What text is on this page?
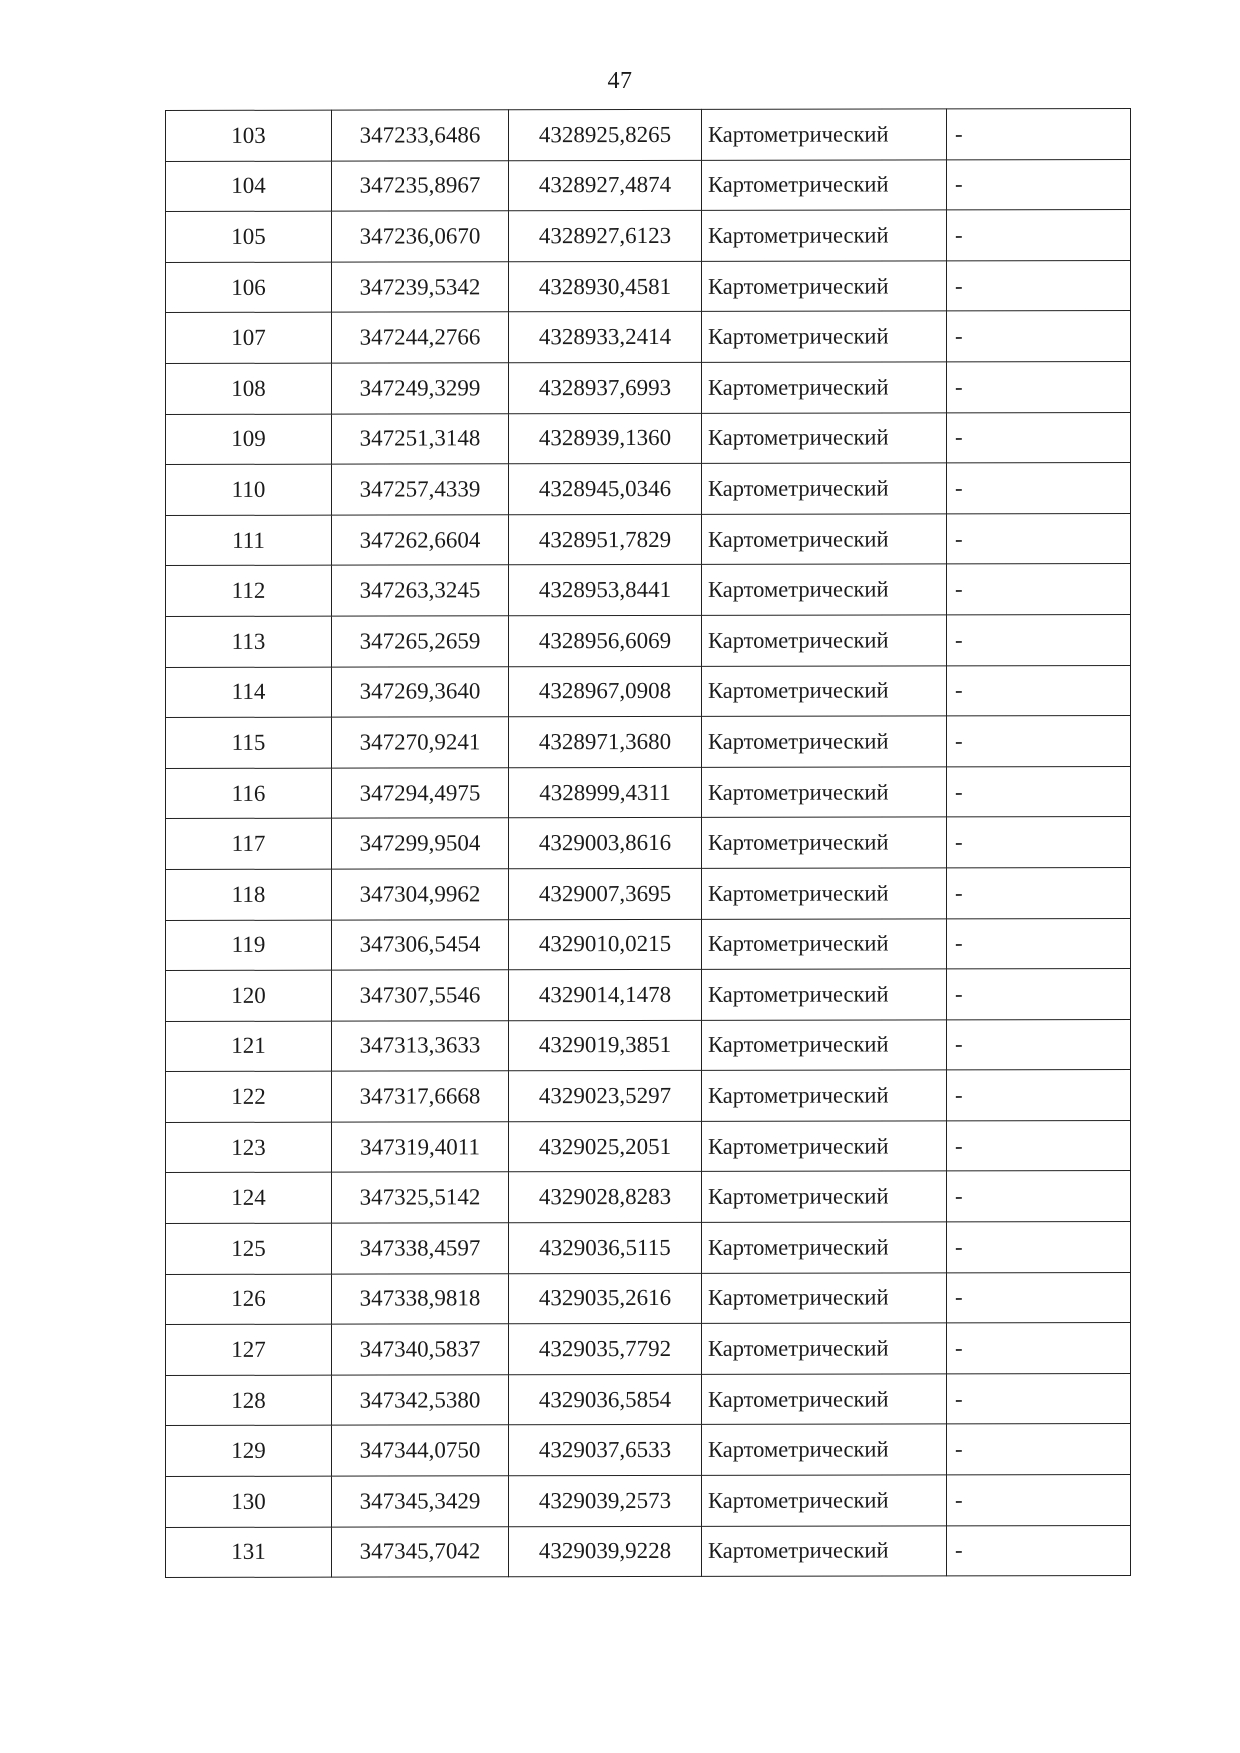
47
103	347233,6486	4328925,8265	Картометрический	-
104	347235,8967	4328927,4874	Картометрический	-
105	347236,0670	4328927,6123	Картометрический	-
106	347239,5342	4328930,4581	Картометрический	-
107	347244,2766	4328933,2414	Картометрический	-
108	347249,3299	4328937,6993	Картометрический	-
109	347251,3148	4328939,1360	Картометрический	-
110	347257,4339	4328945,0346	Картометрический	-
111	347262,6604	4328951,7829	Картометрический	-
112	347263,3245	4328953,8441	Картометрический	-
113	347265,2659	4328956,6069	Картометрический	-
114	347269,3640	4328967,0908	Картометрический	-
115	347270,9241	4328971,3680	Картометрический	-
116	347294,4975	4328999,4311	Картометрический	-
117	347299,9504	4329003,8616	Картометрический	-
118	347304,9962	4329007,3695	Картометрический	-
119	347306,5454	4329010,0215	Картометрический	-
120	347307,5546	4329014,1478	Картометрический	-
121	347313,3633	4329019,3851	Картометрический	-
122	347317,6668	4329023,5297	Картометрический	-
123	347319,4011	4329025,2051	Картометрический	-
124	347325,5142	4329028,8283	Картометрический	-
125	347338,4597	4329036,5115	Картометрический	-
126	347338,9818	4329035,2616	Картометрический	-
127	347340,5837	4329035,7792	Картометрический	-
128	347342,5380	4329036,5854	Картометрический	-
129	347344,0750	4329037,6533	Картометрический	-
130	347345,3429	4329039,2573	Картометрический	-
131	347345,7042	4329039,9228	Картометрический	-
